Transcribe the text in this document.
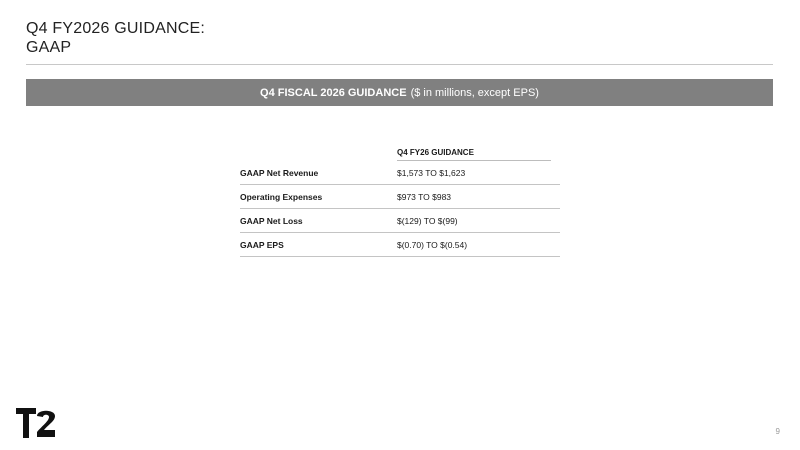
Q4 FY2026 GUIDANCE:
GAAP
Q4 FISCAL 2026 GUIDANCE ($ in millions, except EPS)
Q4 FY26 GUIDANCE
GAAP Net Revenue	$1,573 TO $1,623
Operating Expenses	$973 TO $983
GAAP Net Loss	$(129) TO $(99)
GAAP EPS	$(0.70) TO $(0.54)
9
